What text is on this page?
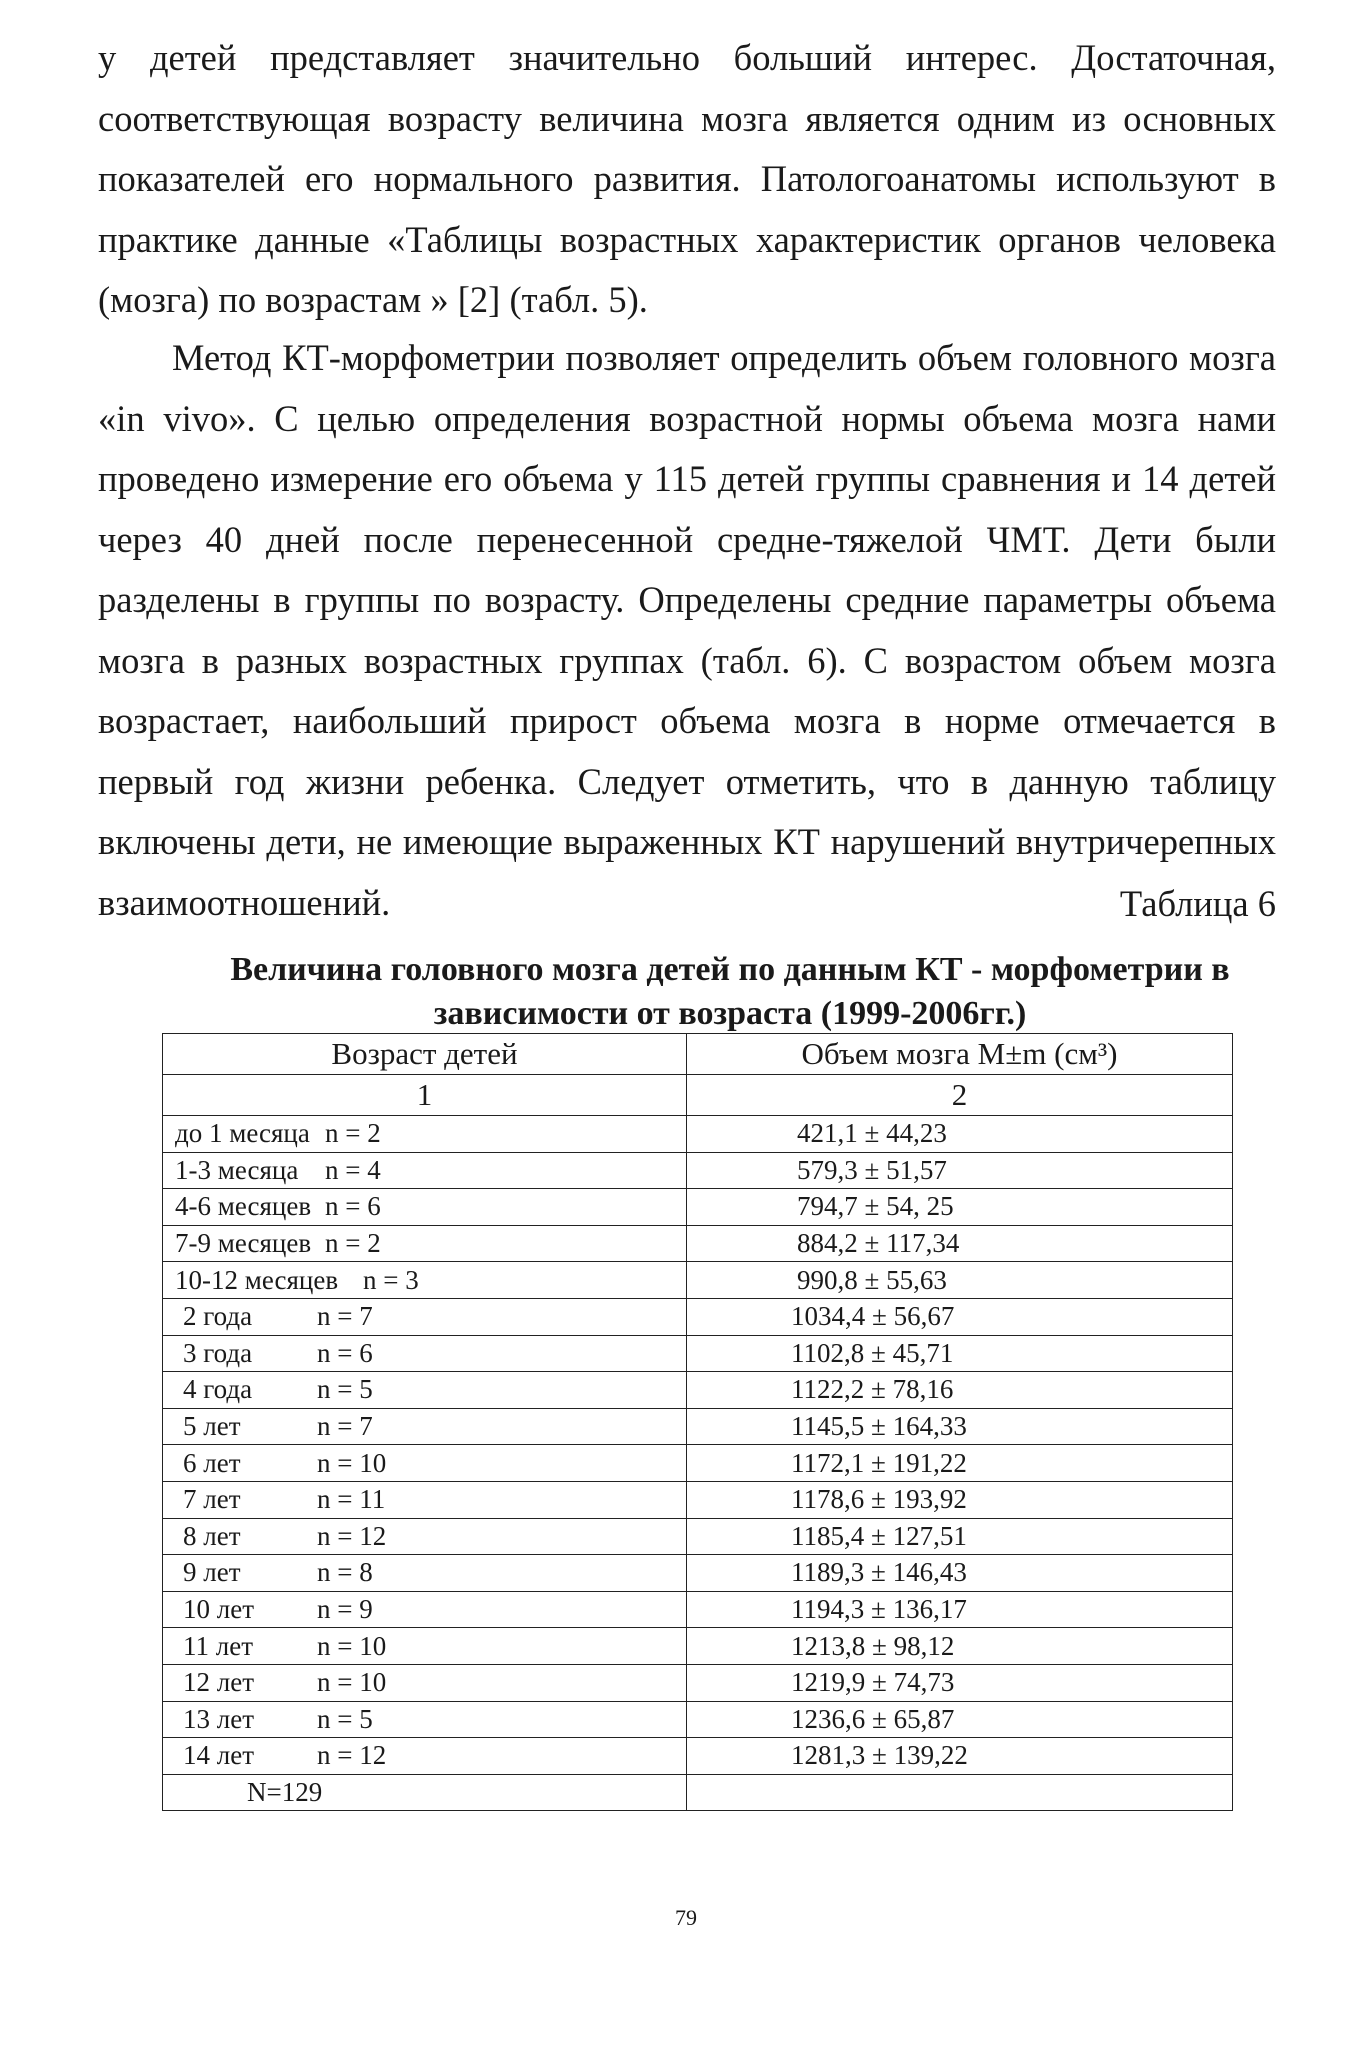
у детей представляет значительно больший интерес. Достаточная, соответствующая возрасту величина мозга является одним из основных показателей его нормального развития. Патологоанатомы используют в практике данные «Таблицы возрастных характеристик органов человека (мозга) по возрастам » [2] (табл. 5).

Метод КТ-морфометрии позволяет определить объем головного мозга «in vivo». С целью определения возрастной нормы объема мозга нами проведено измерение его объема у 115 детей группы сравнения и 14 детей через 40 дней после перенесенной средне-тяжелой ЧМТ. Дети были разделены в группы по возрасту. Определены средние параметры объема мозга в разных возрастных группах (табл. 6). С возрастом объем мозга возрастает, наибольший прирост объема мозга в норме отмечается в первый год жизни ребенка. Следует отметить, что в данную таблицу включены дети, не имеющие выраженных КТ нарушений внутричерепных взаимоотношений.	Таблица 6

Величина головного мозга детей по данным КТ - морфометрии в
зависимости от возраста (1999-2006гг.)
Возраст детей	Объем мозга M±m (см³)
1	2
до 1 месяца n = 2	421,1 ± 44,23
1-3 месяца n = 4	579,3 ± 51,57
4-6 месяцев n = 6	794,7 ± 54, 25
7-9 месяцев n = 2	884,2 ± 117,34
10-12 месяцев n = 3	990,8 ± 55,63
2 года n = 7	1034,4 ± 56,67
3 года n = 6	1102,8 ± 45,71
4 года n = 5	1122,2 ± 78,16
5 лет n = 7	1145,5 ± 164,33
6 лет n = 10	1172,1 ± 191,22
7 лет n = 11	1178,6 ± 193,92
8 лет n = 12	1185,4 ± 127,51
9 лет n = 8	1189,3 ± 146,43
10 лет n = 9	1194,3 ± 136,17
11 лет n = 10	1213,8 ± 98,12
12 лет n = 10	1219,9 ± 74,73
13 лет n = 5	1236,6 ± 65,87
14 лет n = 12	1281,3 ± 139,22
N=129	

79
